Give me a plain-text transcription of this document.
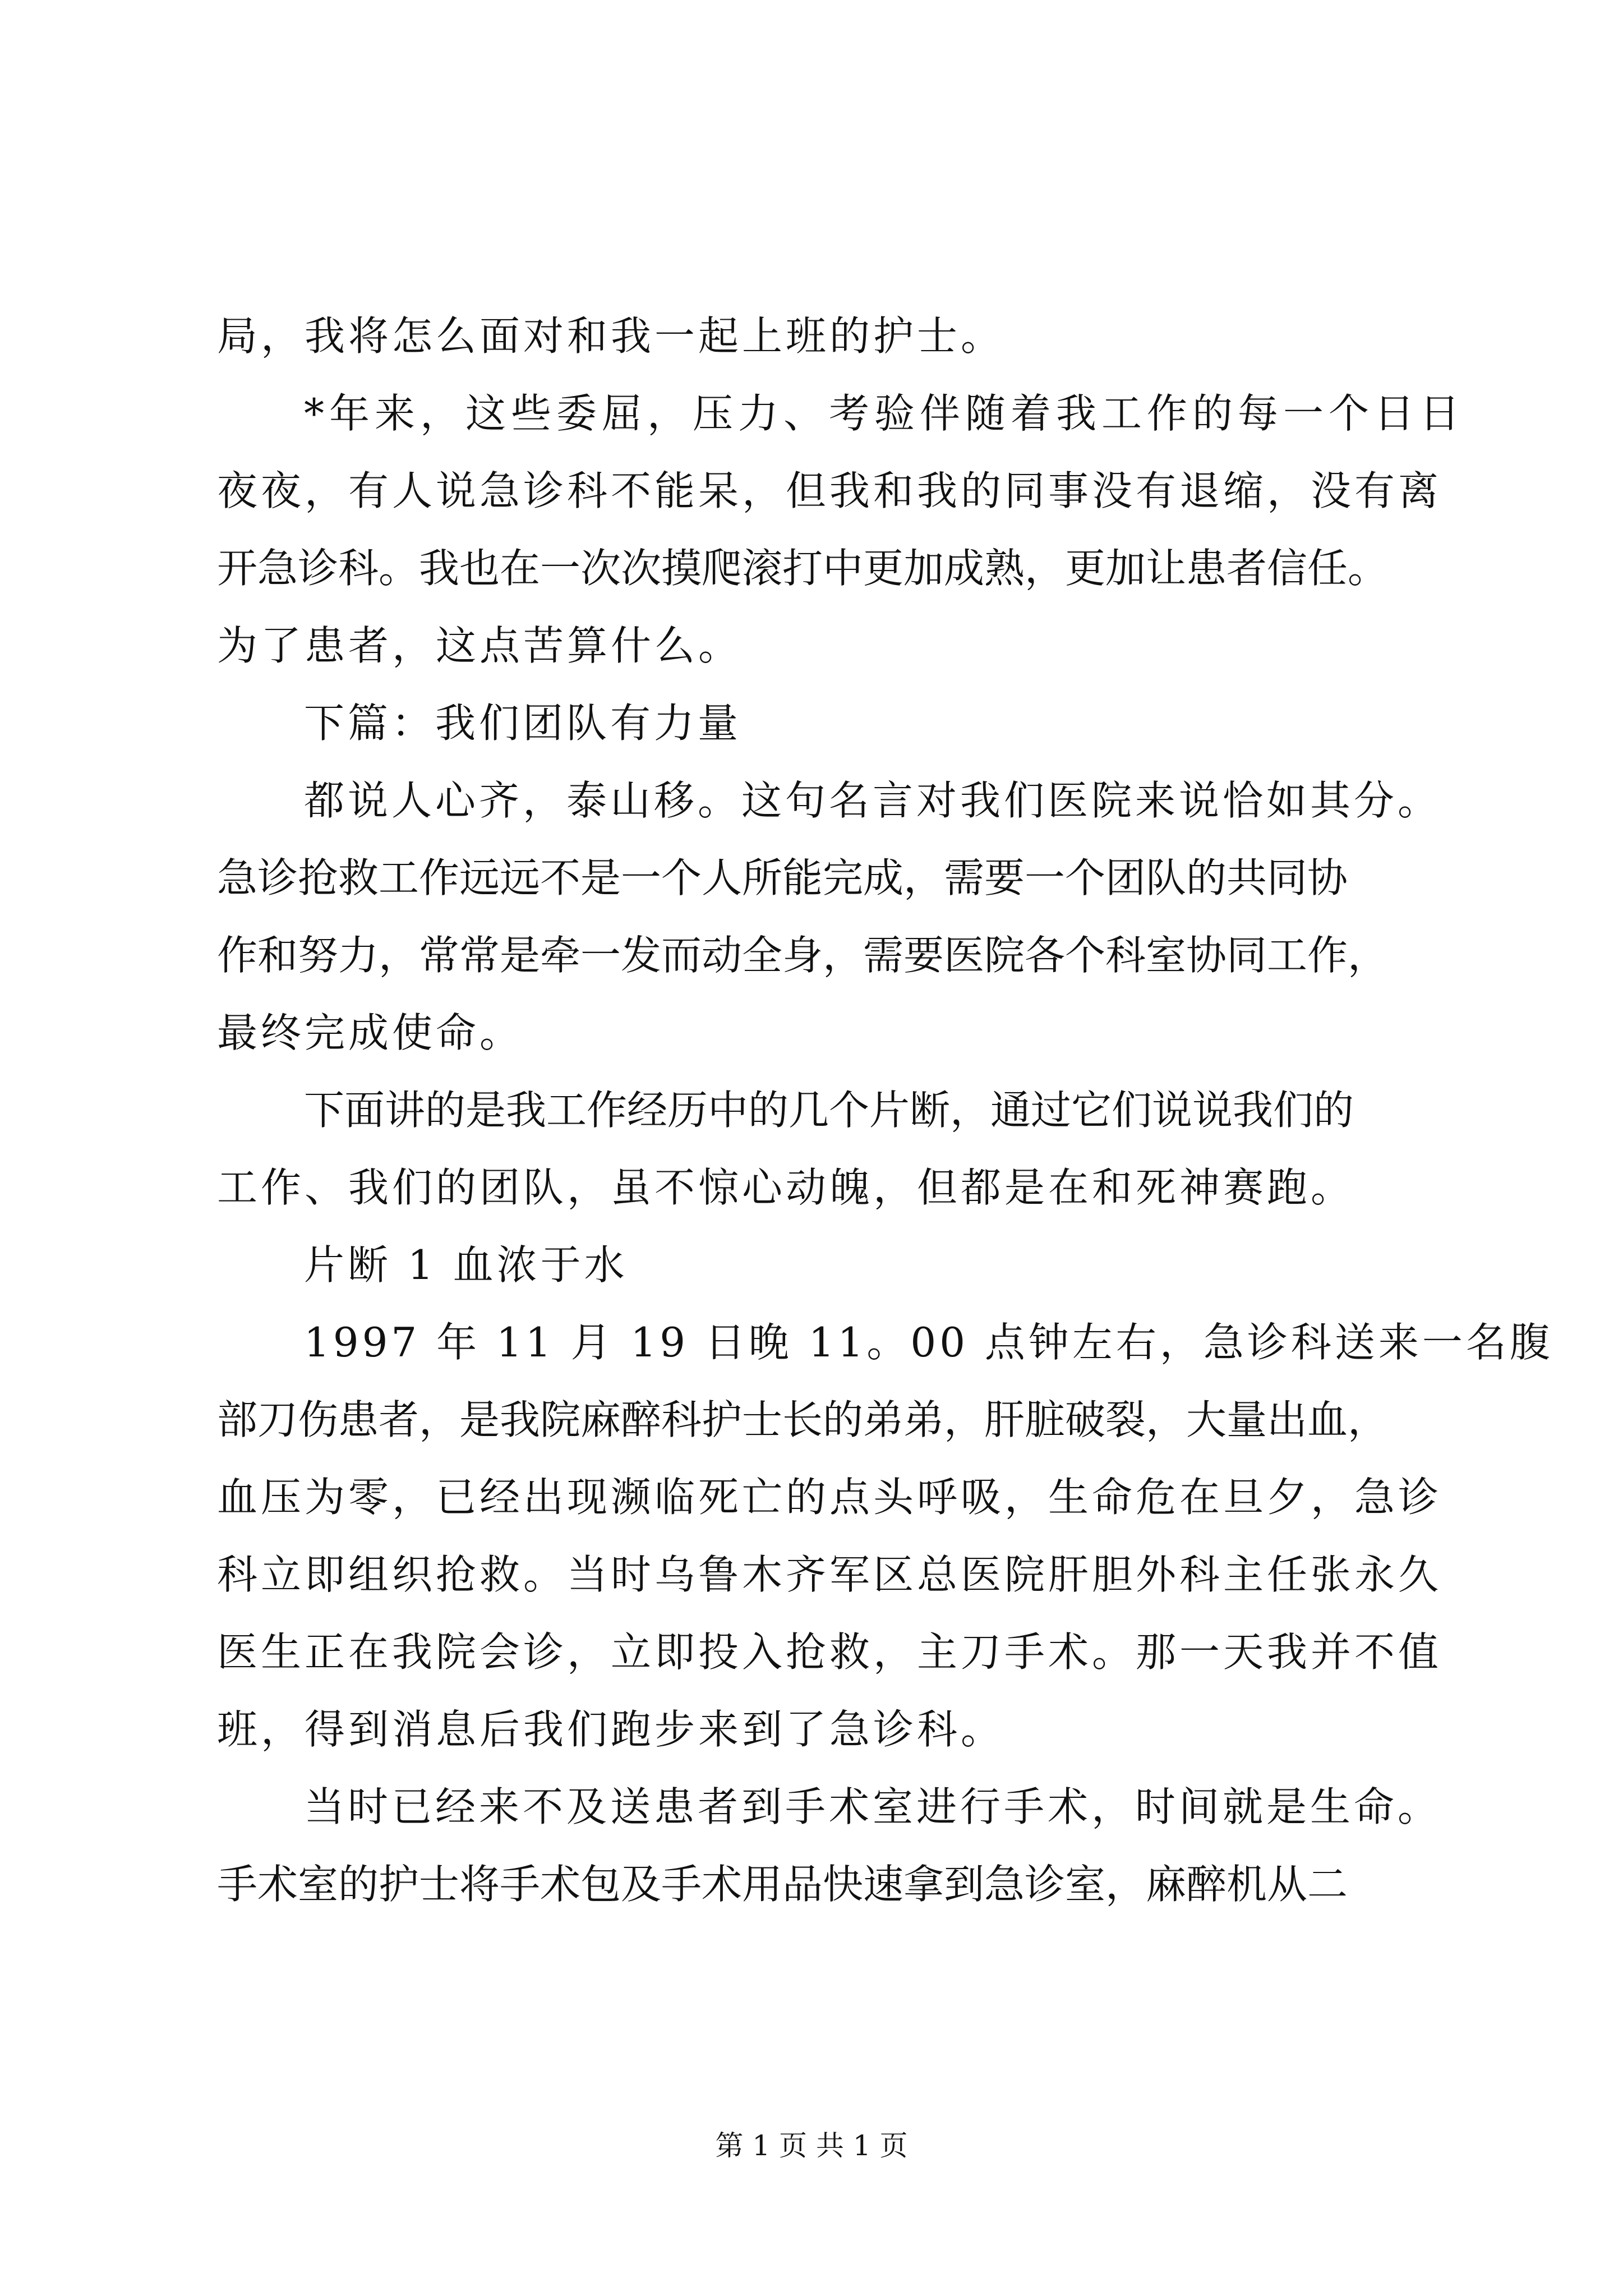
局，我将怎么面对和我一起上班的护士。
*年来，这些委屈，压力、考验伴随着我工作的每一个日日
夜夜，有人说急诊科不能呆，但我和我的同事没有退缩，没有离
开急诊科。我也在一次次摸爬滚打中更加成熟，更加让患者信任。
为了患者，这点苦算什么。
下篇：我们团队有力量
都说人心齐，泰山移。这句名言对我们医院来说恰如其分。
急诊抢救工作远远不是一个人所能完成，需要一个团队的共同协
作和努力，常常是牵一发而动全身，需要医院各个科室协同工作，
最终完成使命。
下面讲的是我工作经历中的几个片断，通过它们说说我们的
工作、我们的团队，虽不惊心动魄，但都是在和死神赛跑。
片断 1 血浓于水
1997 年 11 月 19 日晚 11。00 点钟左右，急诊科送来一名腹
部刀伤患者，是我院麻醉科护士长的弟弟，肝脏破裂，大量出血，
血压为零，已经出现濒临死亡的点头呼吸，生命危在旦夕，急诊
科立即组织抢救。当时乌鲁木齐军区总医院肝胆外科主任张永久
医生正在我院会诊，立即投入抢救，主刀手术。那一天我并不值
班，得到消息后我们跑步来到了急诊科。
当时已经来不及送患者到手术室进行手术，时间就是生命。
手术室的护士将手术包及手术用品快速拿到急诊室，麻醉机从二
第 1 页 共 1 页
